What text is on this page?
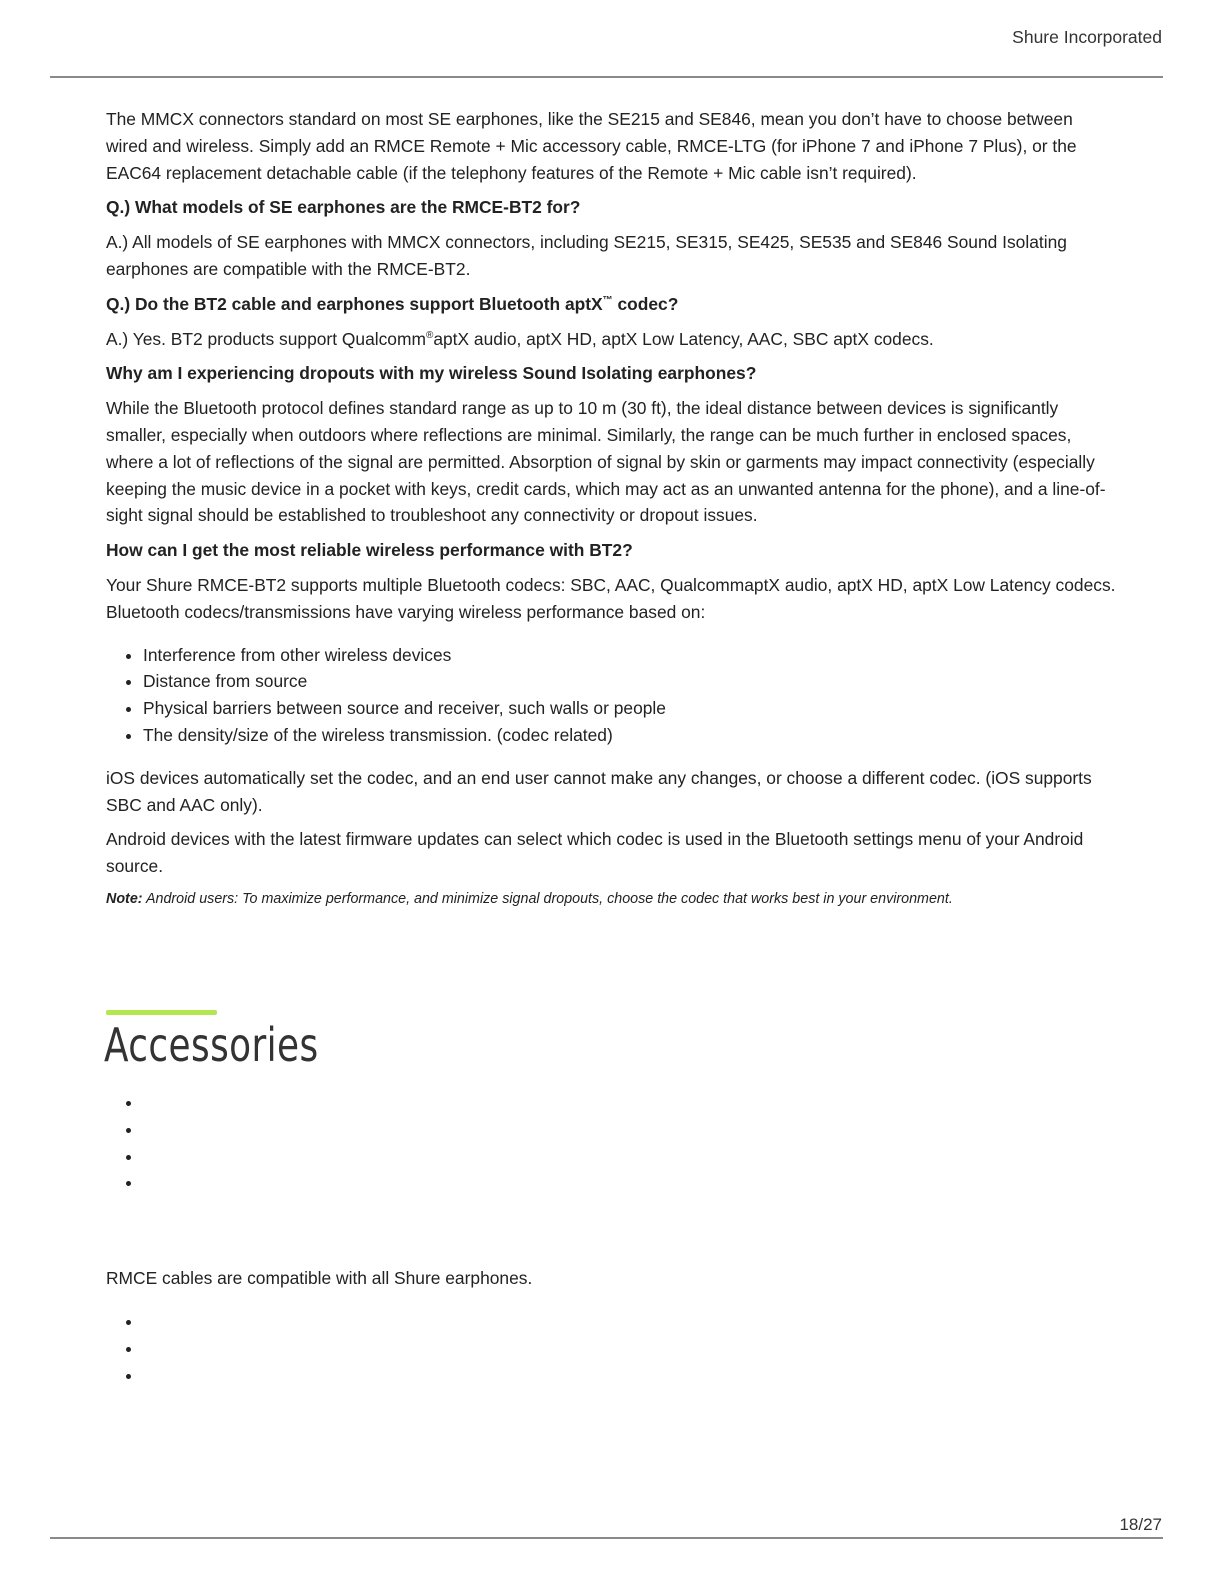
Shure Incorporated

The MMCX connectors standard on most SE earphones, like the SE215 and SE846, mean you don’t have to choose between wired and wireless. Simply add an RMCE Remote + Mic accessory cable, RMCE-LTG (for iPhone 7 and iPhone 7 Plus), or the EAC64 replacement detachable cable (if the telephony features of the Remote + Mic cable isn’t required).

Q.) What models of SE earphones are the RMCE-BT2 for?

A.) All models of SE earphones with MMCX connectors, including SE215, SE315, SE425, SE535 and SE846 Sound Isolating earphones are compatible with the RMCE-BT2.

Q.) Do the BT2 cable and earphones support Bluetooth aptX™ codec?

A.) Yes. BT2 products support Qualcomm®aptX audio, aptX HD, aptX Low Latency, AAC, SBC aptX codecs.

Why am I experiencing dropouts with my wireless Sound Isolating earphones?

While the Bluetooth protocol defines standard range as up to 10 m (30 ft), the ideal distance between devices is significantly smaller, especially when outdoors where reflections are minimal. Similarly, the range can be much further in enclosed spaces, where a lot of reflections of the signal are permitted. Absorption of signal by skin or garments may impact connectivity (especially keeping the music device in a pocket with keys, credit cards, which may act as an unwanted antenna for the phone), and a line-of-sight signal should be established to troubleshoot any connectivity or dropout issues.

How can I get the most reliable wireless performance with BT2?

Your Shure RMCE-BT2 supports multiple Bluetooth codecs: SBC, AAC, QualcommaptX audio, aptX HD, aptX Low Latency codecs. Bluetooth codecs/transmissions have varying wireless performance based on:

• Interference from other wireless devices
• Distance from source
• Physical barriers between source and receiver, such walls or people
• The density/size of the wireless transmission. (codec related)

iOS devices automatically set the codec, and an end user cannot make any changes, or choose a different codec. (iOS supports SBC and AAC only).

Android devices with the latest firmware updates can select which codec is used in the Bluetooth settings menu of your Android source.

Note: Android users: To maximize performance, and minimize signal dropouts, choose the codec that works best in your environment.

Accessories

RMCE cables are compatible with all Shure earphones.

18/27
